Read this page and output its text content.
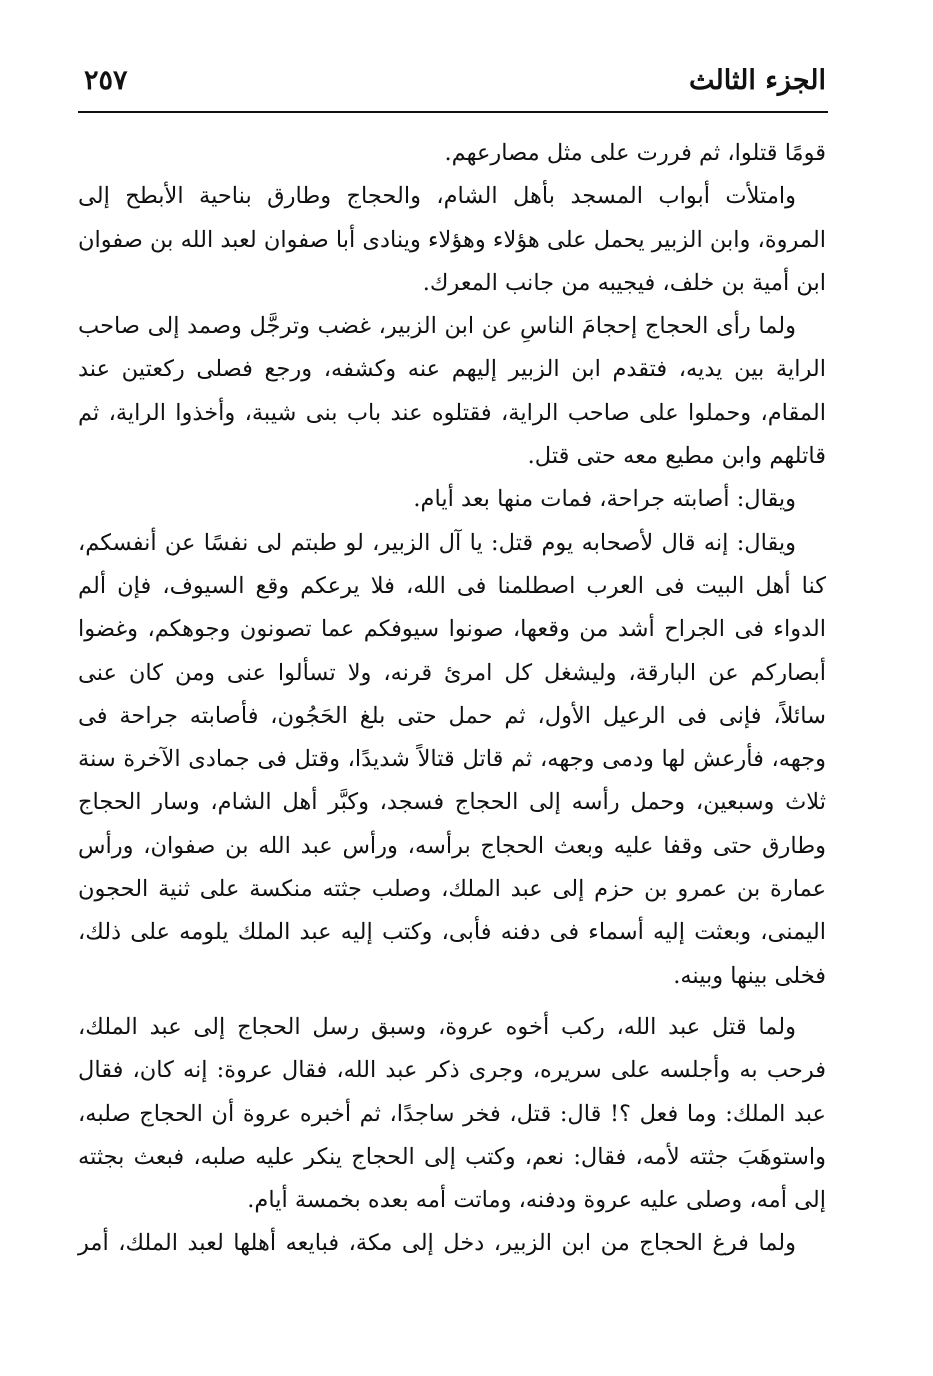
الجزء الثالث
٢٥٧

قومًا قتلوا، ثم فررت على مثل مصارعهم.

وامتلأت أبواب المسجد بأهل الشام، والحجاج وطارق بناحية الأبطح إلى المروة، وابن الزبير يحمل على هؤلاء وهؤلاء وينادى أبا صفوان لعبد الله بن صفوان ابن أمية بن خلف، فيجيبه من جانب المعرك.

ولما رأى الحجاج إحجامَ الناسِ عن ابن الزبير، غضب وترجَّل وصمد إلى صاحب الراية بين يديه، فتقدم ابن الزبير إليهم عنه وكشفه، ورجع فصلى ركعتين عند المقام، وحملوا على صاحب الراية، فقتلوه عند باب بنى شيبة، وأخذوا الراية، ثم قاتلهم وابن مطيع معه حتى قتل.

ويقال: أصابته جراحة، فمات منها بعد أيام.

ويقال: إنه قال لأصحابه يوم قتل: يا آل الزبير، لو طبتم لى نفسًا عن أنفسكم، كنا أهل البيت فى العرب اصطلمنا فى الله، فلا يرعكم وقع السيوف، فإن ألم الدواء فى الجراح أشد من وقعها، صونوا سيوفكم عما تصونون وجوهكم، وغضوا أبصاركم عن البارقة، وليشغل كل امرئ قرنه، ولا تسألوا عنى ومن كان عنى سائلاً، فإنى فى الرعيل الأول، ثم حمل حتى بلغ الحَجُون، فأصابته جراحة فى وجهه، فأرعش لها ودمى وجهه، ثم قاتل قتالاً شديدًا، وقتل فى جمادى الآخرة سنة ثلاث وسبعين، وحمل رأسه إلى الحجاج فسجد، وكبَّر أهل الشام، وسار الحجاج وطارق حتى وقفا عليه وبعث الحجاج برأسه، ورأس عبد الله بن صفوان، ورأس عمارة بن عمرو بن حزم إلى عبد الملك، وصلب جثته منكسة على ثنية الحجون اليمنى، وبعثت إليه أسماء فى دفنه فأبى، وكتب إليه عبد الملك يلومه على ذلك، فخلى بينها وبينه.

ولما قتل عبد الله، ركب أخوه عروة، وسبق رسل الحجاج إلى عبد الملك، فرحب به وأجلسه على سريره، وجرى ذكر عبد الله، فقال عروة: إنه كان، فقال عبد الملك: وما فعل ؟! قال: قتل، فخر ساجدًا، ثم أخبره عروة أن الحجاج صلبه، واستوهَبَ جثته لأمه، فقال: نعم، وكتب إلى الحجاج ينكر عليه صلبه، فبعث بجثته إلى أمه، وصلى عليه عروة ودفنه، وماتت أمه بعده بخمسة أيام.

ولما فرغ الحجاج من ابن الزبير، دخل إلى مكة، فبايعه أهلها لعبد الملك، أمر
